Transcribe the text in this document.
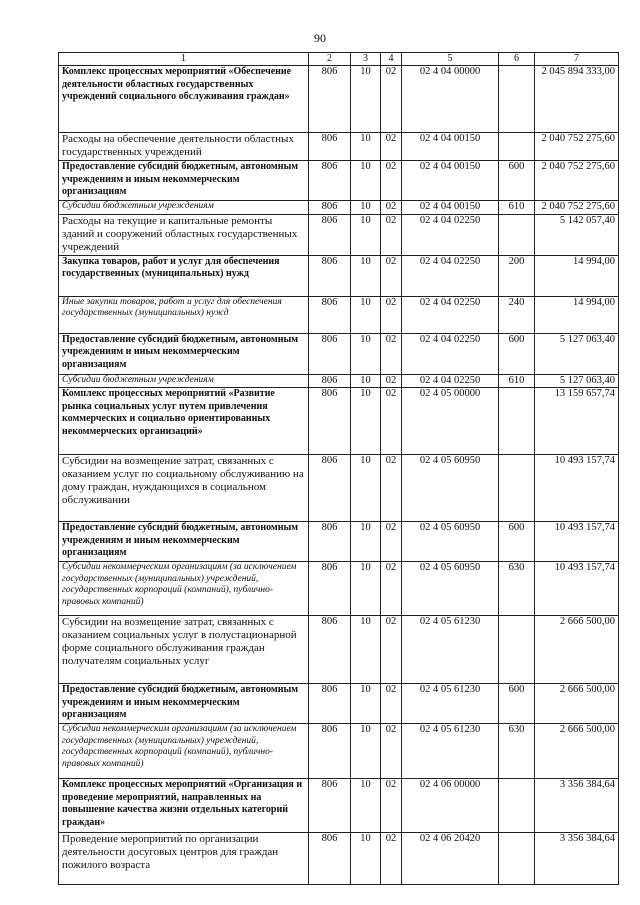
90
1	2	3	4	5	6	7
Комплекс процессных мероприятий «Обеспечение деятельности областных государственных учреждений социального обслуживания граждан»	806	10	02	02 4 04 00000		2 045 894 333,00
Расходы на обеспечение деятельности областных государственных учреждений	806	10	02	02 4 04 00150		2 040 752 275,60
Предоставление субсидий бюджетным, автономным учреждениям и иным некоммерческим организациям	806	10	02	02 4 04 00150	600	2 040 752 275,60
Субсидии бюджетным учреждениям	806	10	02	02 4 04 00150	610	2 040 752 275,60
Расходы на текущие и капитальные ремонты зданий и сооружений областных государственных учреждений	806	10	02	02 4 04 02250		5 142 057,40
Закупка товаров, работ и услуг для обеспечения государственных (муниципальных) нужд	806	10	02	02 4 04 02250	200	14 994,00
Иные закупки товаров, работ и услуг для обеспечения государственных (муниципальных) нужд	806	10	02	02 4 04 02250	240	14 994,00
Предоставление субсидий бюджетным, автономным учреждениям и иным некоммерческим организациям	806	10	02	02 4 04 02250	600	5 127 063,40
Субсидии бюджетным учреждениям	806	10	02	02 4 04 02250	610	5 127 063,40
Комплекс процессных мероприятий «Развитие рынка социальных услуг путем привлечения коммерческих и социально ориентированных некоммерческих организаций»	806	10	02	02 4 05 00000		13 159 657,74
Субсидии на возмещение затрат, связанных с оказанием услуг по социальному обслуживанию на дому граждан, нуждающихся в социальном обслуживании	806	10	02	02 4 05 60950		10 493 157,74
Предоставление субсидий бюджетным, автономным учреждениям и иным некоммерческим организациям	806	10	02	02 4 05 60950	600	10 493 157,74
Субсидии некоммерческим организациям (за исключением государственных (муниципальных) учреждений, государственных корпораций (компаний), публично-правовых компаний)	806	10	02	02 4 05 60950	630	10 493 157,74
Субсидии на возмещение затрат, связанных с оказанием социальных услуг в полустационарной форме социального обслуживания граждан получателям социальных услуг	806	10	02	02 4 05 61230		2 666 500,00
Предоставление субсидий бюджетным, автономным учреждениям и иным некоммерческим организациям	806	10	02	02 4 05 61230	600	2 666 500,00
Субсидии некоммерческим организациям (за исключением государственных (муниципальных) учреждений, государственных корпораций (компаний), публично-правовых компаний)	806	10	02	02 4 05 61230	630	2 666 500,00
Комплекс процессных мероприятий «Организация и проведение мероприятий, направленных на повышение качества жизни отдельных категорий граждан»	806	10	02	02 4 06 00000		3 356 384,64
Проведение мероприятий по организации деятельности досуговых центров для граждан пожилого возраста	806	10	02	02 4 06 20420		3 356 384,64
